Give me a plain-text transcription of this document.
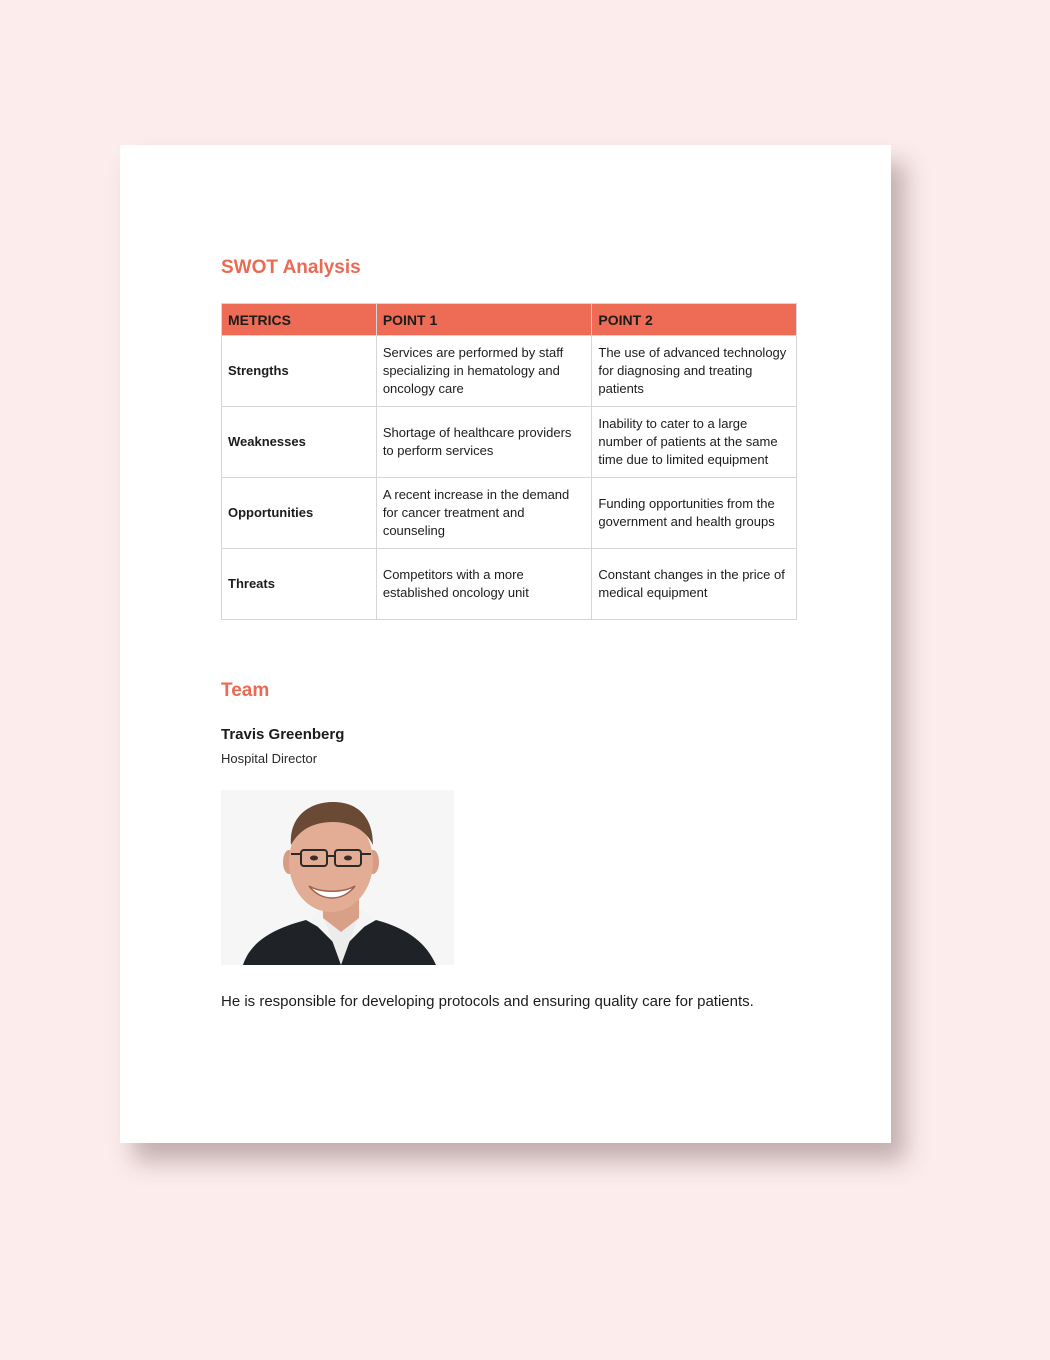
SWOT Analysis
METRICS	POINT 1	POINT 2
Strengths	Services are performed by staff specializing in hematology and oncology care	The use of advanced technology for diagnosing and treating patients
Weaknesses	Shortage of healthcare providers to perform services	Inability to cater to a large number of patients at the same time due to limited equipment
Opportunities	A recent increase in the demand for cancer treatment and counseling	Funding opportunities from the government and health groups
Threats	Competitors with a more established oncology unit	Constant changes in the price of medical equipment
Team
Travis Greenberg
Hospital Director

He is responsible for developing protocols and ensuring quality care for patients.
